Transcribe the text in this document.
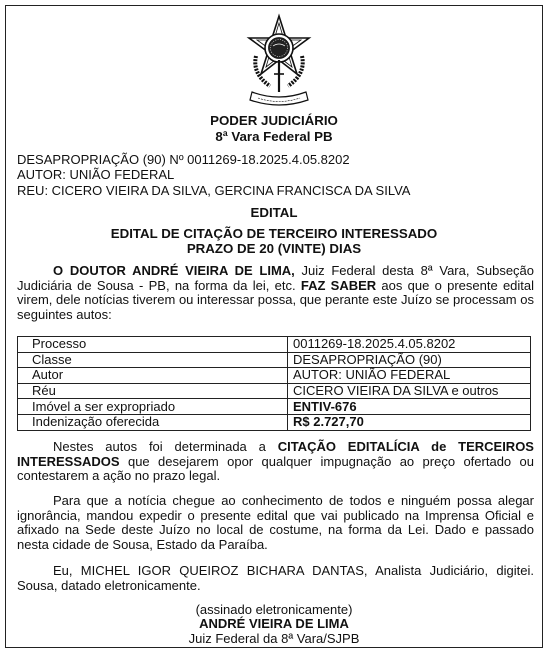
PODER JUDICIÁRIO
8ª Vara Federal PB
DESAPROPRIAÇÃO (90) Nº 0011269-18.2025.4.05.8202
AUTOR: UNIÃO FEDERAL
REU: CICERO VIEIRA DA SILVA, GERCINA FRANCISCA DA SILVA
EDITAL
EDITAL DE CITAÇÃO DE TERCEIRO INTERESSADO
PRAZO DE 20 (VINTE) DIAS

O DOUTOR ANDRÉ VIEIRA DE LIMA, Juiz Federal desta 8ª Vara, Subseção Judiciária de Sousa - PB, na forma da lei, etc. FAZ SABER aos que o presente edital virem, dele notícias tiverem ou interessar possa, que perante este Juízo se processam os seguintes autos:

Processo	0011269-18.2025.4.05.8202
Classe	DESAPROPRIAÇÃO (90)
Autor	AUTOR: UNIÃO FEDERAL
Réu	CICERO VIEIRA DA SILVA e outros
Imóvel a ser expropriado	ENTIV-676
Indenização oferecida	R$ 2.727,70

Nestes autos foi determinada a CITAÇÃO EDITALÍCIA de TERCEIROS INTERESSADOS que desejarem opor qualquer impugnação ao preço ofertado ou contestarem a ação no prazo legal.

Para que a notícia chegue ao conhecimento de todos e ninguém possa alegar ignorância, mandou expedir o presente edital que vai publicado na Imprensa Oficial e afixado na Sede deste Juízo no local de costume, na forma da Lei. Dado e passado nesta cidade de Sousa, Estado da Paraíba.

Eu, MICHEL IGOR QUEIROZ BICHARA DANTAS, Analista Judiciário, digitei. Sousa, datado eletronicamente.

(assinado eletronicamente)
ANDRÉ VIEIRA DE LIMA
Juiz Federal da 8ª Vara/SJPB
